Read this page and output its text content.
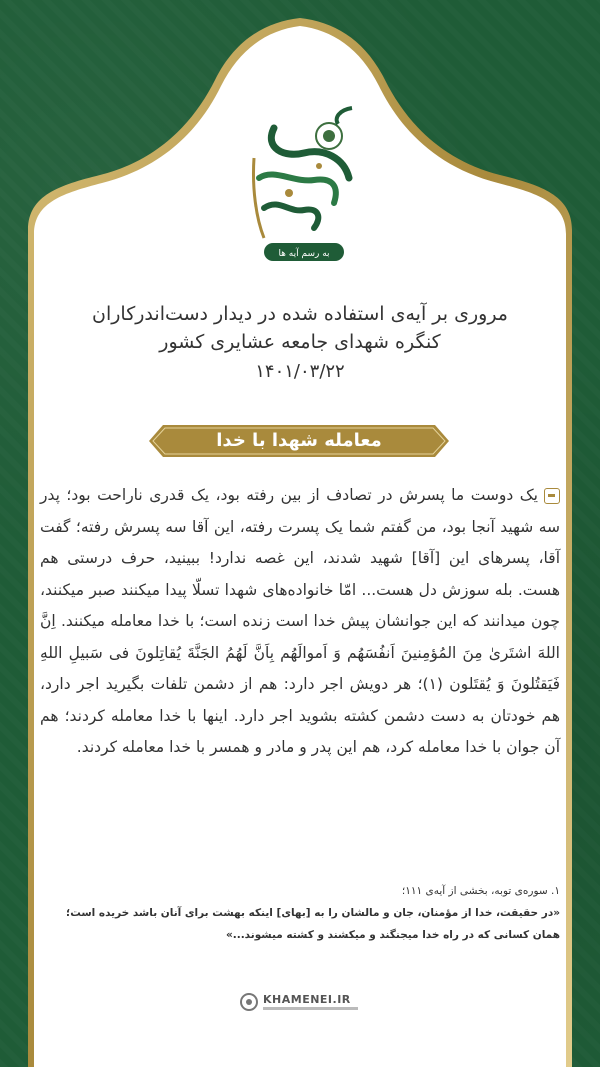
به رسم آیه ها
مروری بر آیه‌ی استفاده شده در دیدار دست‌اندرکاران
کنگره شهدای جامعه عشایری کشور
۱۴۰۱/۰۳/۲۲
معامله شهدا با خدا
یک دوست ما پسرش در تصادف از بین رفته بود، یک قدری ناراحت بود؛ پدر سه شهید آنجا بود، من گفتم شما یک پسرت رفته، این آقا سه پسرش رفته؛ گفت آقا، پسرهای این [آقا] شهید شدند، این غصه ندارد! ببینید، حرف درستی هم هست. بله سوزش دل هست... امّا خانواده‌های شهدا تسلّا پیدا میکنند صبر میکنند، چون میدانند که این جوانشان پیش خدا است زنده است؛ با خدا معامله میکنند. اِنَّ اللهَ اشتَریٰ مِنَ المُؤمِنینَ اَنفُسَهُم وَ اَموالَهُم بِاَنَّ لَهُمُ الجَنَّةَ یُقاتِلونَ فی سَبیلِ اللهِ فَیَقتُلونَ وَ یُقتَلون (۱)؛ هر دویش اجر دارد: هم از دشمن تلفات بگیرید اجر دارد، هم خودتان به دست دشمن کشته بشوید اجر دارد. اینها با خدا معامله کردند؛ هم آن جوان با خدا معامله کرد، هم این پدر و مادر و همسر با خدا معامله کردند.
۱. سوره‌ی توبه، بخشی از آیه‌ی ۱۱۱؛
«در حقیقت، خدا از مؤمنان، جان و مالشان را به [بهای] اینکه بهشت برای آنان باشد خریده است؛
همان کسانی که در راه خدا میجنگند و میکشند و کشته میشوند...»
KHAMENEI.IR
